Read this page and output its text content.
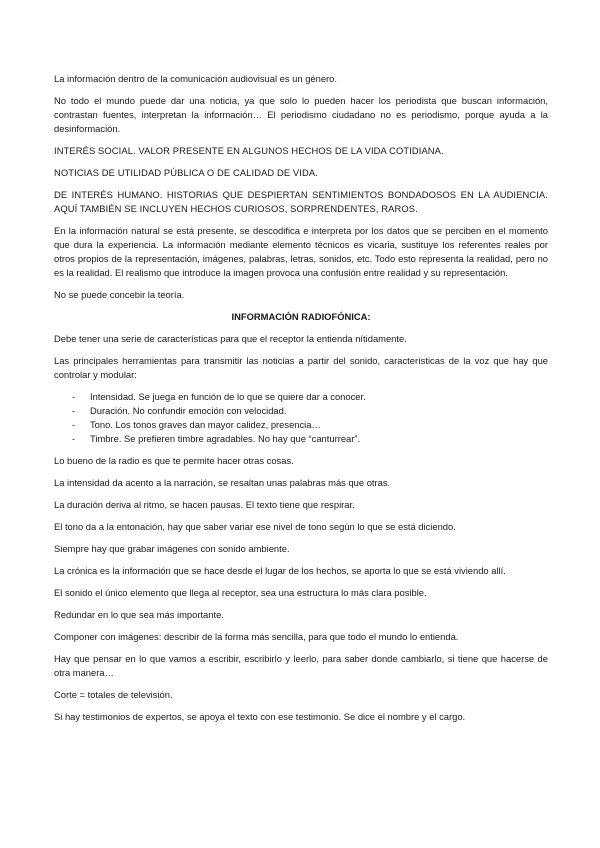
La información dentro de la comunicación audiovisual es un género.

No todo el mundo puede dar una noticia, ya que solo lo pueden hacer los periodista que buscan información, contrastan fuentes, interpretan la información… El periodismo ciudadano no es periodismo, porque ayuda a la desinformación.

INTERÉS SOCIAL. VALOR PRESENTE EN ALGUNOS HECHOS DE LA VIDA COTIDIANA.

NOTICIAS DE UTILIDAD PÚBLICA O DE CALIDAD DE VIDA.

DE INTERÉS HUMANO. HISTORIAS QUE DESPIERTAN SENTIMIENTOS BONDADOSOS EN LA AUDIENCIA. AQUÍ TAMBIÉN SE INCLUYEN HECHOS CURIOSOS, SORPRENDENTES, RAROS.

En la información natural se está presente, se descodifica e interpreta por los datos que se perciben en el momento que dura la experiencia. La información mediante elemento técnicos es vicaria, sustituye los referentes reales por otros propios de la representación, imágenes, palabras, letras, sonidos, etc. Todo esto representa la realidad, pero no es la realidad. El realismo que introduce la imagen provoca una confusión entre realidad y su representación.

No se puede concebir la teoría.

INFORMACIÓN RADIOFÓNICA:

Debe tener una serie de características para que el receptor la entienda nítidamente.

Las principales herramientas para transmitir las noticias a partir del sonido, características de la voz que hay que controlar y modular:

- Intensidad. Se juega en función de lo que se quiere dar a conocer.
- Duración. No confundir emoción con velocidad.
- Tono. Los tonos graves dan mayor calidez, presencia…
- Timbre. Se prefieren timbre agradables. No hay que “canturrear”.

Lo bueno de la radio es que te permite hacer otras cosas.

La intensidad da acento a la narración, se resaltan unas palabras más que otras.

La duración deriva al ritmo, se hacen pausas. El texto tiene que respirar.

El tono da a la entonación, hay que saber variar ese nivel de tono según lo que se está diciendo.

Siempre hay que grabar imágenes con sonido ambiente.

La crónica es la información que se hace desde el lugar de los hechos, se aporta lo que se está viviendo allí.

El sonido el único elemento que llega al receptor, sea una estructura lo más clara posible.

Redundar en lo que sea más importante.

Componer con imágenes: describir de la forma más sencilla, para que todo el mundo lo entienda.

Hay que pensar en lo que vamos a escribir, escribirlo y leerlo, para saber donde cambiarlo, si tiene que hacerse de otra manera…

Corte = totales de televisión.

Si hay testimonios de expertos, se apoya el texto con ese testimonio. Se dice el nombre y el cargo.
